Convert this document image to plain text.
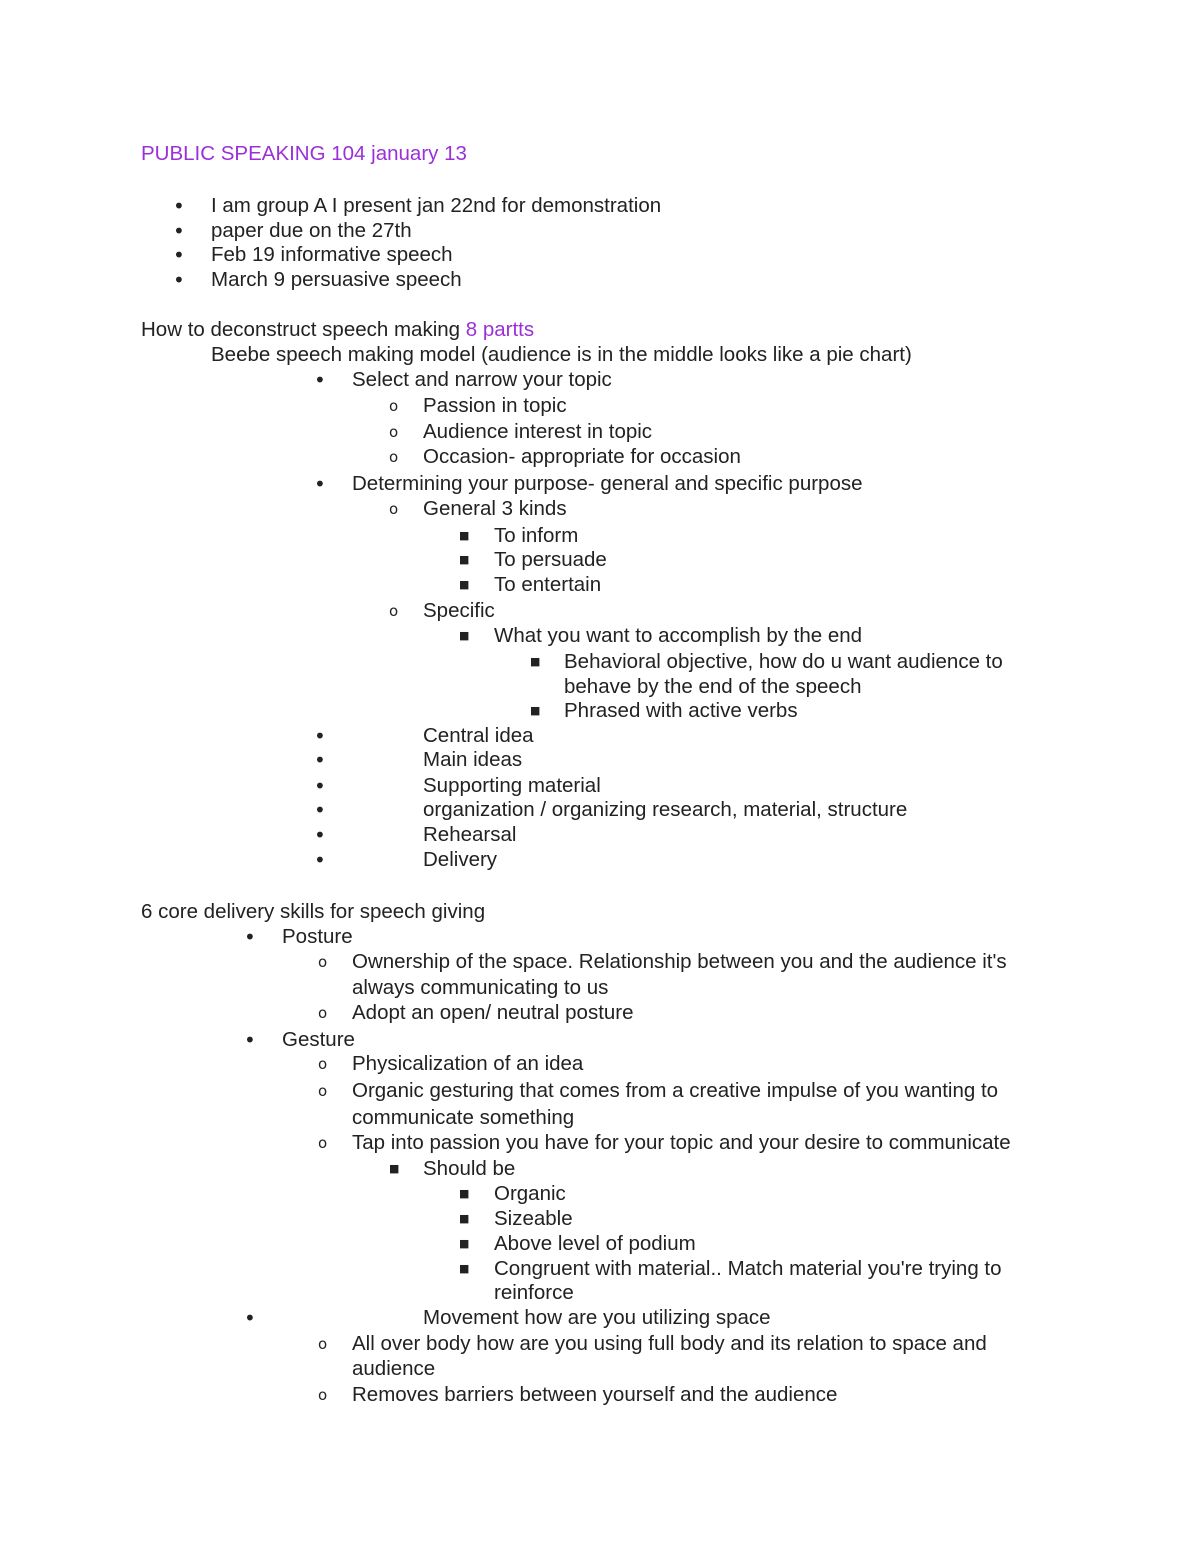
PUBLIC SPEAKING 104 january 13
• I am group A I present jan 22nd for demonstration
• paper due on the 27th
• Feb 19 informative speech
• March 9 persuasive speech
How to deconstruct speech making 8 partts
Beebe speech making model (audience is in the middle looks like a pie chart)
• Select and narrow your topic
o Passion in topic
o Audience interest in topic
o Occasion- appropriate for occasion
• Determining your purpose- general and specific purpose
o General 3 kinds
■ To inform
■ To persuade
■ To entertain
o Specific
■ What you want to accomplish by the end
■ Behavioral objective, how do u want audience to
behave by the end of the speech
■ Phrased with active verbs
•	Central idea
•	Main ideas
•	Supporting material
•	organization / organizing research, material, structure
•	Rehearsal
•	Delivery
6 core delivery skills for speech giving
• Posture
o Ownership of the space. Relationship between you and the audience it's
always communicating to us
o Adopt an open/ neutral posture
• Gesture
o Physicalization of an idea
o Organic gesturing that comes from a creative impulse of you wanting to
communicate something
o Tap into passion you have for your topic and your desire to communicate
■ Should be
■ Organic
■ Sizeable
■ Above level of podium
■ Congruent with material.. Match material you're trying to
reinforce
•	Movement how are you utilizing space
o All over body how are you using full body and its relation to space and
audience
o Removes barriers between yourself and the audience
